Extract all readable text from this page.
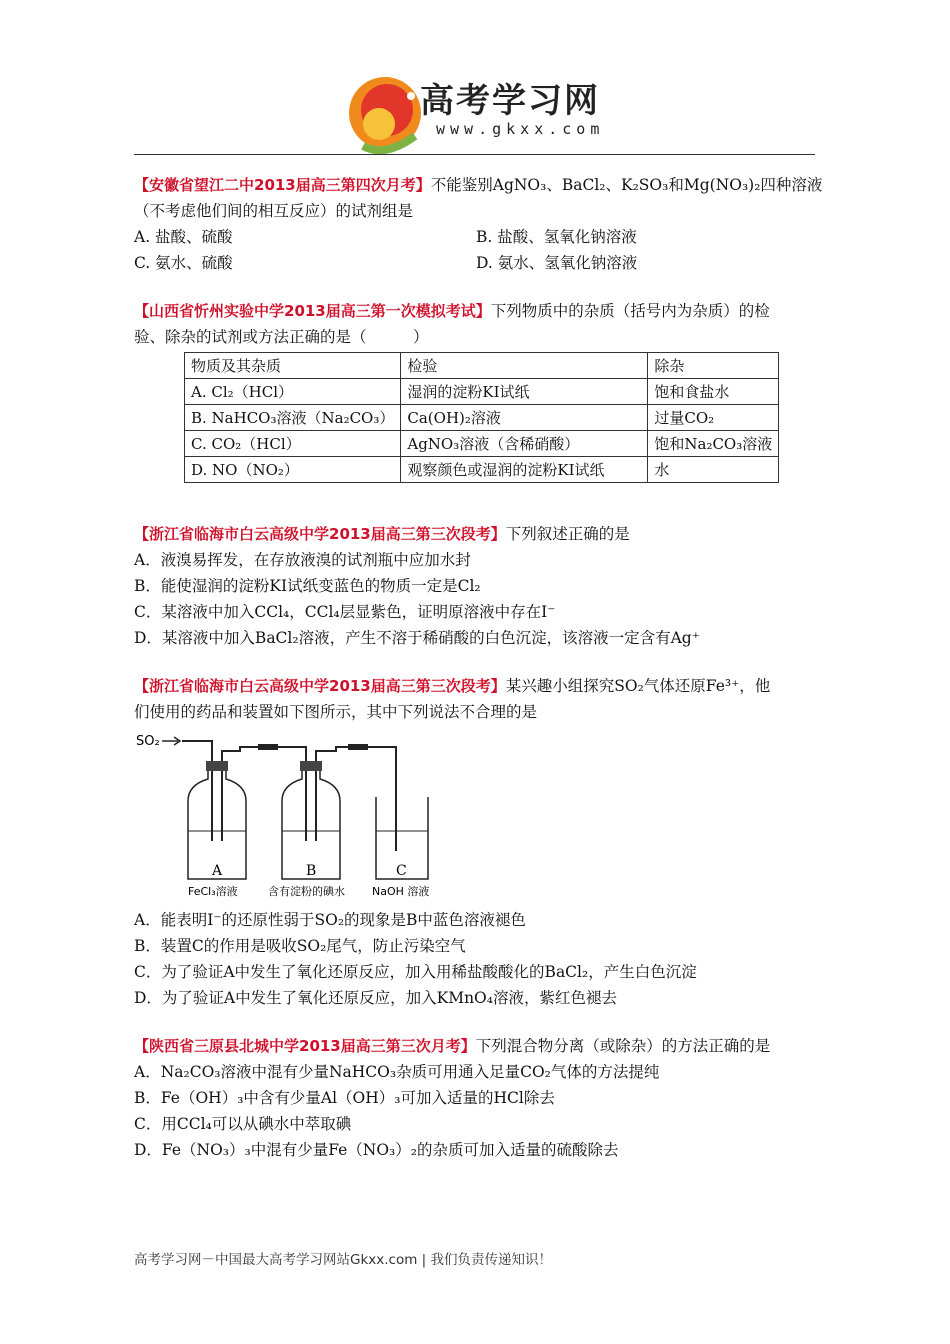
高考学习网
www.gkxx.com
【安徽省望江二中2013届高三第四次月考】不能鉴别AgNO₃、BaCl₂、K₂SO₃和Mg(NO₃)₂四种溶液
（不考虑他们间的相互反应）的试剂组是
A. 盐酸、硫酸	B. 盐酸、氢氧化钠溶液
C. 氨水、硫酸	D. 氨水、氢氧化钠溶液
【山西省忻州实验中学2013届高三第一次模拟考试】下列物质中的杂质（括号内为杂质）的检
验、除杂的试剂或方法正确的是（　　　）
物质及其杂质	检验	除杂
A. Cl₂（HCl）	湿润的淀粉KI试纸	饱和食盐水
B. NaHCO₃溶液（Na₂CO₃）	Ca(OH)₂溶液	过量CO₂
C. CO₂（HCl）	AgNO₃溶液（含稀硝酸）	饱和Na₂CO₃溶液
D. NO（NO₂）	观察颜色或湿润的淀粉KI试纸	水
【浙江省临海市白云高级中学2013届高三第三次段考】下列叙述正确的是
A．液溴易挥发，在存放液溴的试剂瓶中应加水封
B．能使湿润的淀粉KI试纸变蓝色的物质一定是Cl₂
C．某溶液中加入CCl₄，CCl₄层显紫色，证明原溶液中存在I⁻
D．某溶液中加入BaCl₂溶液，产生不溶于稀硝酸的白色沉淀，该溶液一定含有Ag⁺
【浙江省临海市白云高级中学2013届高三第三次段考】某兴趣小组探究SO₂气体还原Fe³⁺，他
们使用的药品和装置如下图所示，其中下列说法不合理的是
SO₂
A	B	C
FeCl₃溶液	含有淀粉的碘水 NaOH 溶液
A．能表明I⁻的还原性弱于SO₂的现象是B中蓝色溶液褪色
B．装置C的作用是吸收SO₂尾气，防止污染空气
C．为了验证A中发生了氧化还原反应，加入用稀盐酸酸化的BaCl₂，产生白色沉淀
D．为了验证A中发生了氧化还原反应，加入KMnO₄溶液，紫红色褪去
【陕西省三原县北城中学2013届高三第三次月考】下列混合物分离（或除杂）的方法正确的是
A．Na₂CO₃溶液中混有少量NaHCO₃杂质可用通入足量CO₂气体的方法提纯
B．Fe（OH）₃中含有少量Al（OH）₃可加入适量的HCl除去
C．用CCl₄可以从碘水中萃取碘
D．Fe（NO₃）₃中混有少量Fe（NO₃）₂的杂质可加入适量的硫酸除去
高考学习网－中国最大高考学习网站Gkxx.com | 我们负责传递知识！
